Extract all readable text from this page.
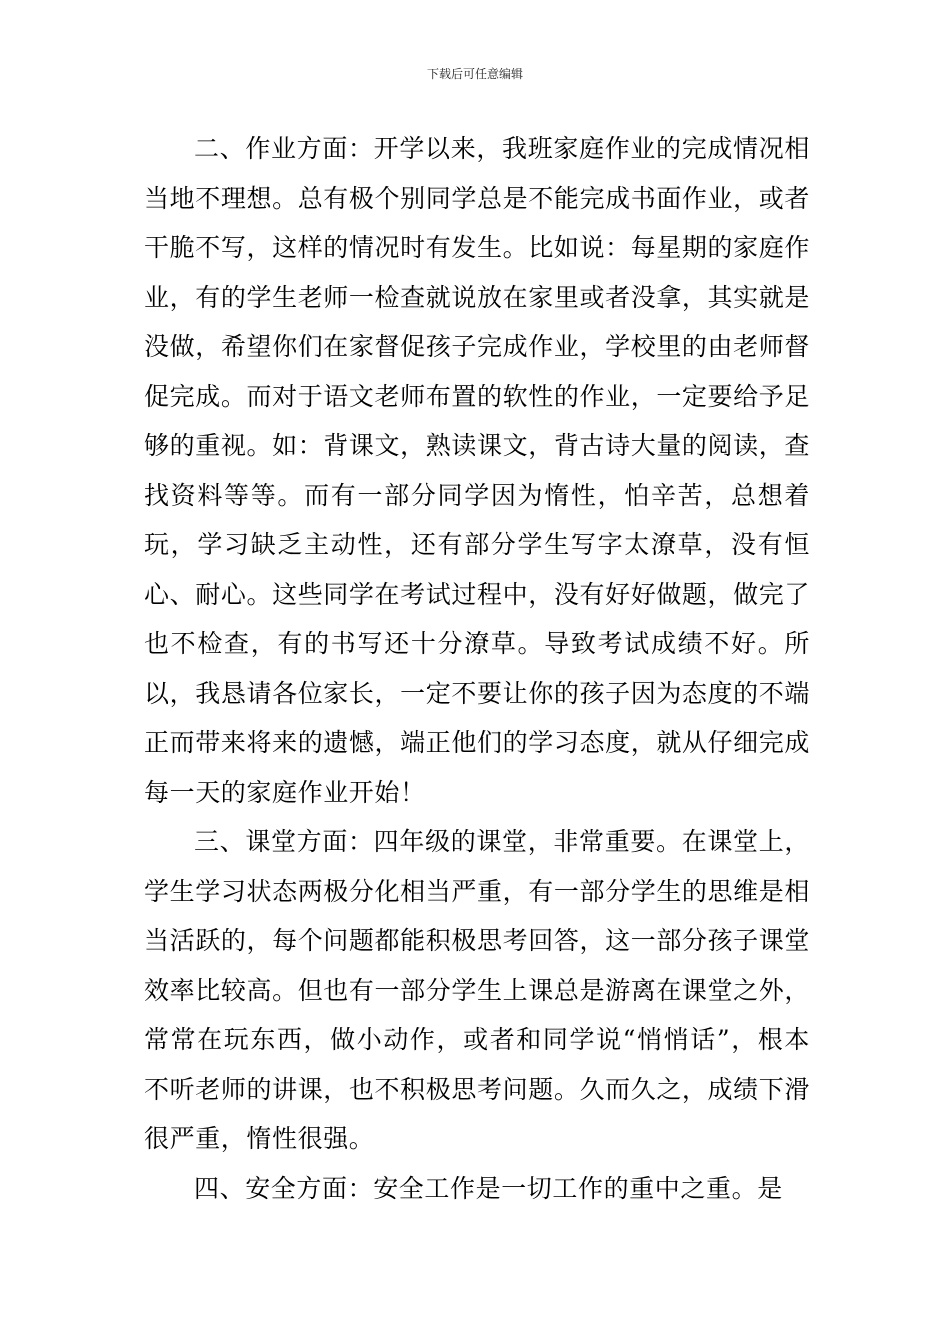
下载后可任意编辑

二、作业方面：开学以来，我班家庭作业的完成情况相当地不理想。总有极个别同学总是不能完成书面作业，或者干脆不写，这样的情况时有发生。比如说：每星期的家庭作业，有的学生老师一检查就说放在家里或者没拿，其实就是没做，希望你们在家督促孩子完成作业，学校里的由老师督促完成。而对于语文老师布置的软性的作业，一定要给予足够的重视。如：背课文，熟读课文，背古诗大量的阅读，查找资料等等。而有一部分同学因为惰性，怕辛苦，总想着玩，学习缺乏主动性，还有部分学生写字太潦草，没有恒心、耐心。这些同学在考试过程中，没有好好做题，做完了也不检查，有的书写还十分潦草。导致考试成绩不好。所以，我恳请各位家长，一定不要让你的孩子因为态度的不端正而带来将来的遗憾，端正他们的学习态度，就从仔细完成每一天的家庭作业开始！

三、课堂方面：四年级的课堂，非常重要。在课堂上，学生学习状态两极分化相当严重，有一部分学生的思维是相当活跃的，每个问题都能积极思考回答，这一部分孩子课堂效率比较高。但也有一部分学生上课总是游离在课堂之外，常常在玩东西，做小动作，或者和同学说“悄悄话”，根本不听老师的讲课，也不积极思考问题。久而久之，成绩下滑很严重，惰性很强。

四、安全方面：安全工作是一切工作的重中之重。是
